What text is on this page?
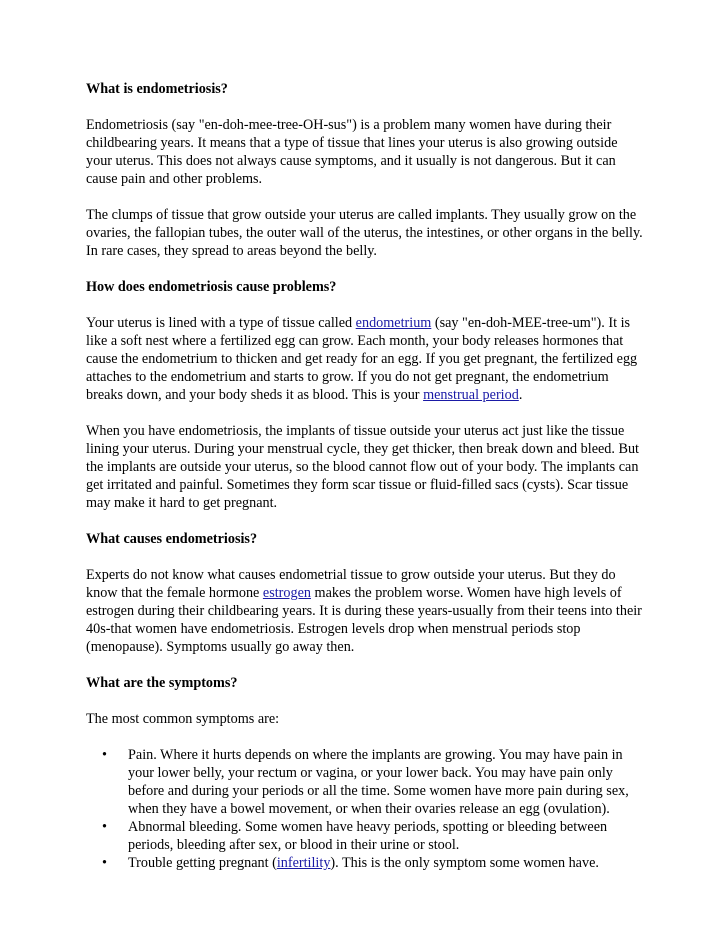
What is endometriosis?

Endometriosis (say "en-doh-mee-tree-OH-sus") is a problem many women have during their childbearing years. It means that a type of tissue that lines your uterus is also growing outside your uterus. This does not always cause symptoms, and it usually is not dangerous. But it can cause pain and other problems.

The clumps of tissue that grow outside your uterus are called implants. They usually grow on the ovaries, the fallopian tubes, the outer wall of the uterus, the intestines, or other organs in the belly. In rare cases, they spread to areas beyond the belly.

How does endometriosis cause problems?

Your uterus is lined with a type of tissue called endometrium (say "en-doh-MEE-tree-um"). It is like a soft nest where a fertilized egg can grow. Each month, your body releases hormones that cause the endometrium to thicken and get ready for an egg. If you get pregnant, the fertilized egg attaches to the endometrium and starts to grow. If you do not get pregnant, the endometrium breaks down, and your body sheds it as blood. This is your menstrual period.

When you have endometriosis, the implants of tissue outside your uterus act just like the tissue lining your uterus. During your menstrual cycle, they get thicker, then break down and bleed. But the implants are outside your uterus, so the blood cannot flow out of your body. The implants can get irritated and painful. Sometimes they form scar tissue or fluid-filled sacs (cysts). Scar tissue may make it hard to get pregnant.

What causes endometriosis?

Experts do not know what causes endometrial tissue to grow outside your uterus. But they do know that the female hormone estrogen makes the problem worse. Women have high levels of estrogen during their childbearing years. It is during these years-usually from their teens into their 40s-that women have endometriosis. Estrogen levels drop when menstrual periods stop (menopause). Symptoms usually go away then.

What are the symptoms?

The most common symptoms are:

• Pain. Where it hurts depends on where the implants are growing. You may have pain in your lower belly, your rectum or vagina, or your lower back. You may have pain only before and during your periods or all the time. Some women have more pain during sex, when they have a bowel movement, or when their ovaries release an egg (ovulation).
• Abnormal bleeding. Some women have heavy periods, spotting or bleeding between periods, bleeding after sex, or blood in their urine or stool.
• Trouble getting pregnant (infertility). This is the only symptom some women have.
